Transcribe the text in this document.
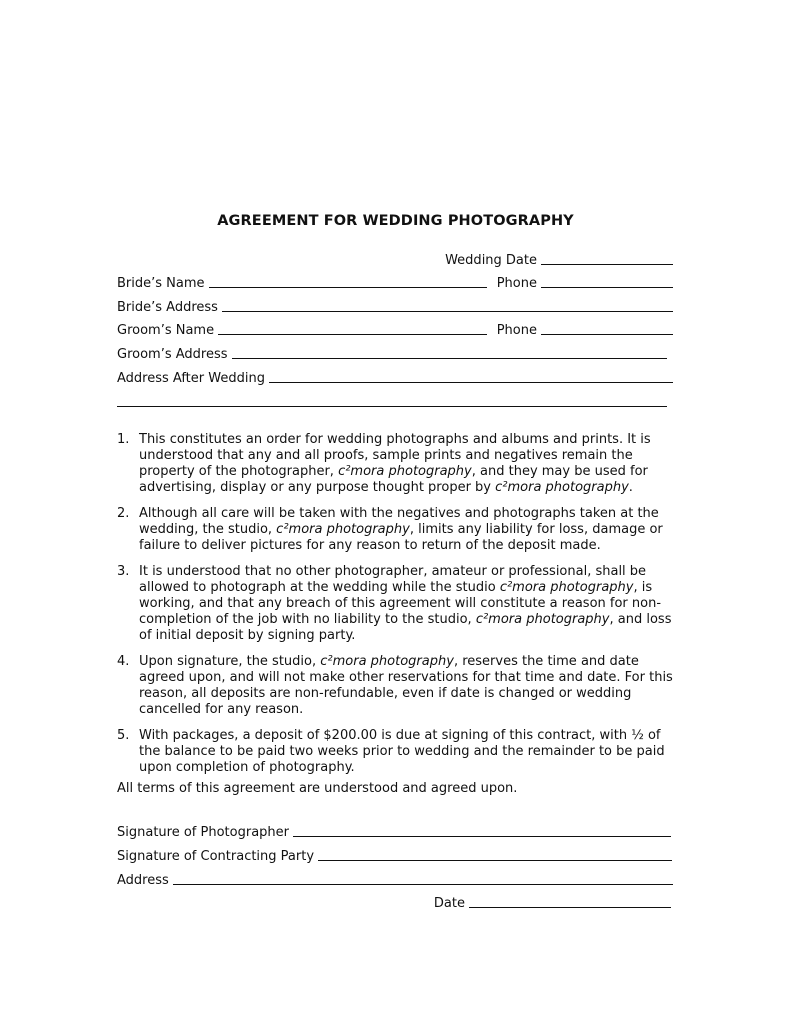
AGREEMENT FOR WEDDING PHOTOGRAPHY
Wedding Date
Bride’s Name	Phone
Bride’s Address
Groom’s Name	Phone
Groom’s Address
Address After Wedding
1. This constitutes an order for wedding photographs and albums and prints. It is understood that any and all proofs, sample prints and negatives remain the property of the photographer, c²mora photography, and they may be used for advertising, display or any purpose thought proper by c²mora photography.
2. Although all care will be taken with the negatives and photographs taken at the wedding, the studio, c²mora photography, limits any liability for loss, damage or failure to deliver pictures for any reason to return of the deposit made.
3. It is understood that no other photographer, amateur or professional, shall be allowed to photograph at the wedding while the studio c²mora photography, is working, and that any breach of this agreement will constitute a reason for non-completion of the job with no liability to the studio, c²mora photography, and loss of initial deposit by signing party.
4. Upon signature, the studio, c²mora photography, reserves the time and date agreed upon, and will not make other reservations for that time and date. For this reason, all deposits are non-refundable, even if date is changed or wedding cancelled for any reason.
5. With packages, a deposit of $200.00 is due at signing of this contract, with ½ of the balance to be paid two weeks prior to wedding and the remainder to be paid upon completion of photography.
All terms of this agreement are understood and agreed upon.
Signature of Photographer
Signature of Contracting Party
Address
Date
